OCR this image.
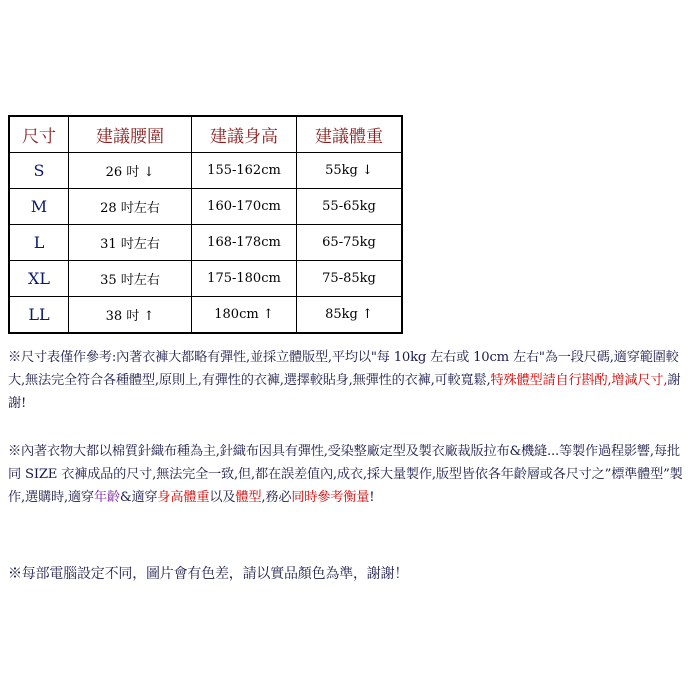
尺寸	建議腰圍	建議身高	建議體重
S	26 吋 ↓	155-162cm	55kg ↓
M	28 吋左右	160-170cm	55-65kg
L	31 吋左右	168-178cm	65-75kg
XL	35 吋左右	175-180cm	75-85kg
LL	38 吋 ↑	180cm ↑	85kg ↑

※尺寸表僅作參考:內著衣褲大都略有彈性,並採立體版型,平均以"每 10kg 左右或 10cm 左右"為一段尺碼,適穿範圍較大,無法完全符合各種體型,原則上,有彈性的衣褲,選擇較貼身,無彈性的衣褲,可較寬鬆,特殊體型請自行斟酌,增減尺寸,謝謝!

※內著衣物大都以棉質針織布種為主,針織布因具有彈性,受染整廠定型及製衣廠裁版拉布&機縫...等製作過程影響,每批同 SIZE 衣褲成品的尺寸,無法完全一致,但,都在誤差值內,成衣,採大量製作,版型皆依各年齡層或各尺寸之”標準體型”製作,選購時,適穿年齡&適穿身高體重以及體型,務必同時參考衡量!

※每部電腦設定不同，圖片會有色差，請以實品顏色為準，謝謝！
